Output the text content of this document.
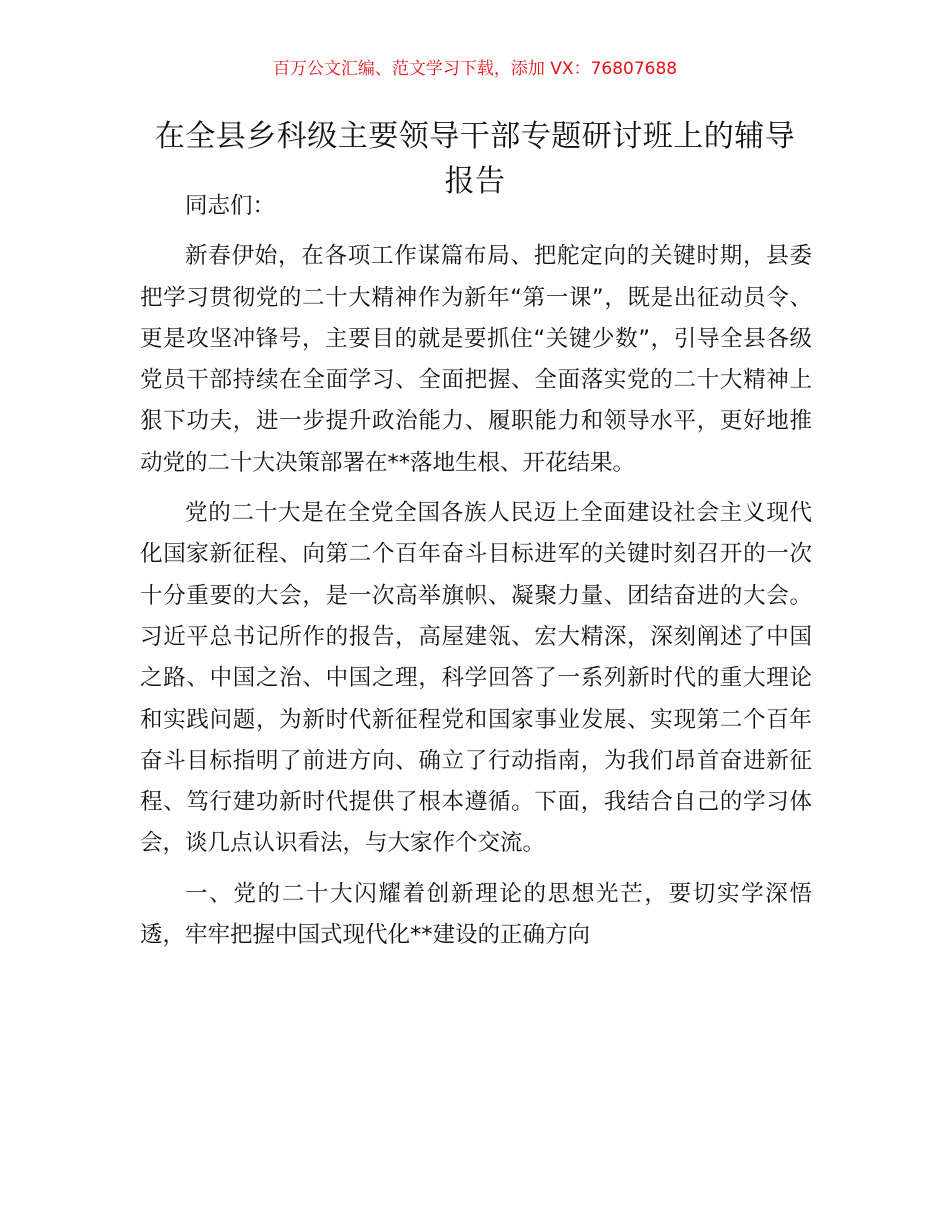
百万公文汇编、范文学习下载，添加 VX：76807688
在全县乡科级主要领导干部专题研讨班上的辅导报告

同志们：

新春伊始，在各项工作谋篇布局、把舵定向的关键时期，县委把学习贯彻党的二十大精神作为新年“第一课”，既是出征动员令、更是攻坚冲锋号，主要目的就是要抓住“关键少数”，引导全县各级党员干部持续在全面学习、全面把握、全面落实党的二十大精神上狠下功夫，进一步提升政治能力、履职能力和领导水平，更好地推动党的二十大决策部署在**落地生根、开花结果。

党的二十大是在全党全国各族人民迈上全面建设社会主义现代化国家新征程、向第二个百年奋斗目标进军的关键时刻召开的一次十分重要的大会，是一次高举旗帜、凝聚力量、团结奋进的大会。习近平总书记所作的报告，高屋建瓴、宏大精深，深刻阐述了中国之路、中国之治、中国之理，科学回答了一系列新时代的重大理论和实践问题，为新时代新征程党和国家事业发展、实现第二个百年奋斗目标指明了前进方向、确立了行动指南，为我们昂首奋进新征程、笃行建功新时代提供了根本遵循。下面，我结合自己的学习体会，谈几点认识看法，与大家作个交流。

一、党的二十大闪耀着创新理论的思想光芒，要切实学深悟透，牢牢把握中国式现代化**建设的正确方向
